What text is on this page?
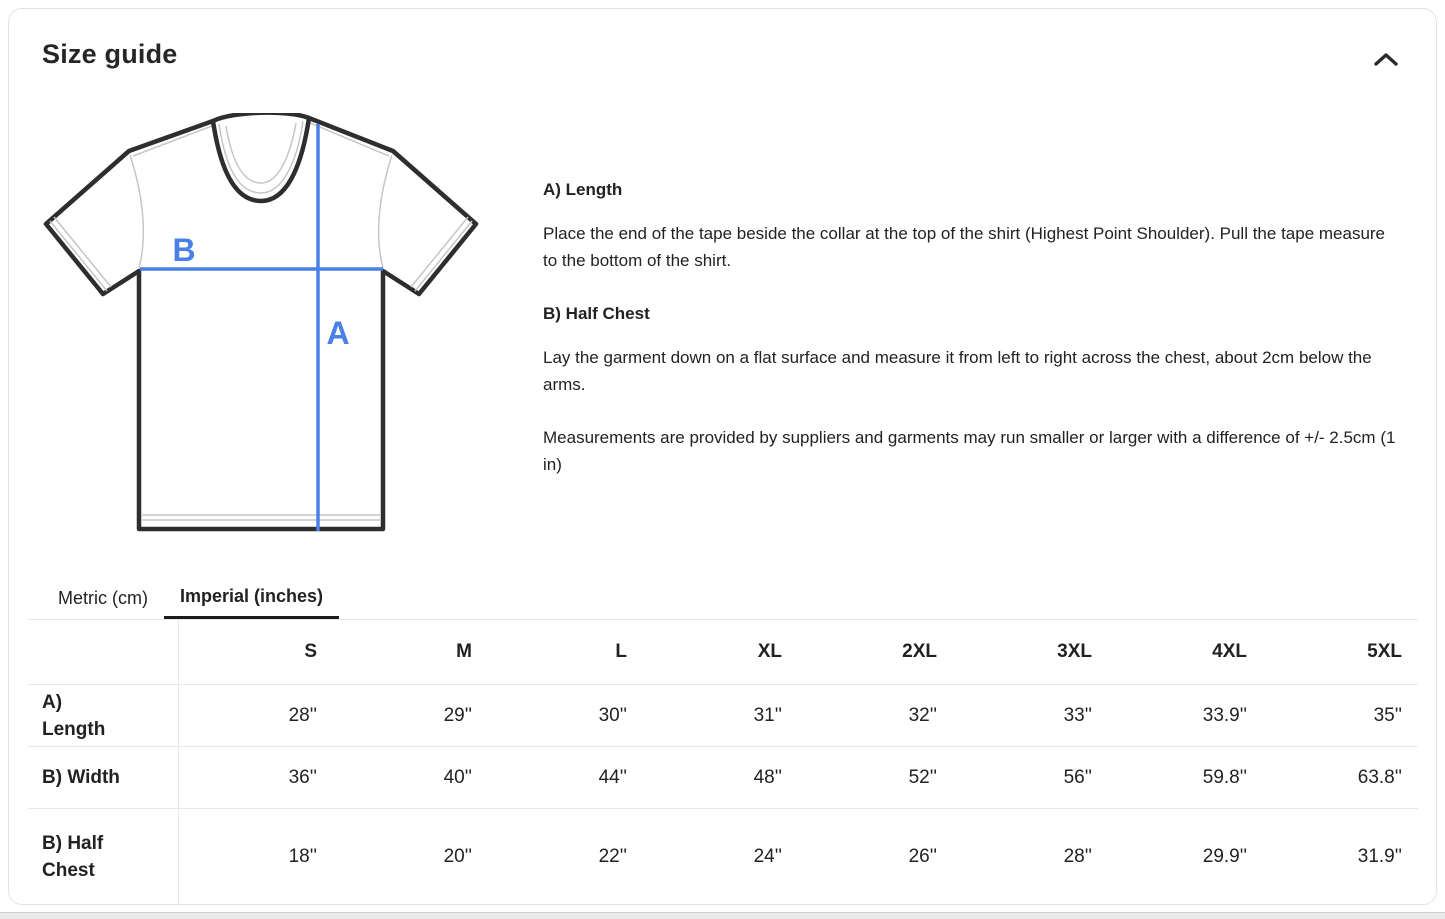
Size guide
B
A
A) Length

Place the end of the tape beside the collar at the top of the shirt (Highest Point Shoulder). Pull the tape measure to the bottom of the shirt.

B) Half Chest

Lay the garment down on a flat surface and measure it from left to right across the chest, about 2cm below the arms.

Measurements are provided by suppliers and garments may run smaller or larger with a difference of +/- 2.5cm (1 in)

Metric (cm)	Imperial (inches)
	S	M	L	XL	2XL	3XL	4XL	5XL
A) Length	28''	29''	30''	31''	32''	33''	33.9''	35''
B) Width	36''	40''	44''	48''	52''	56''	59.8''	63.8''
B) Half Chest	18''	20''	22''	24''	26''	28''	29.9''	31.9''
